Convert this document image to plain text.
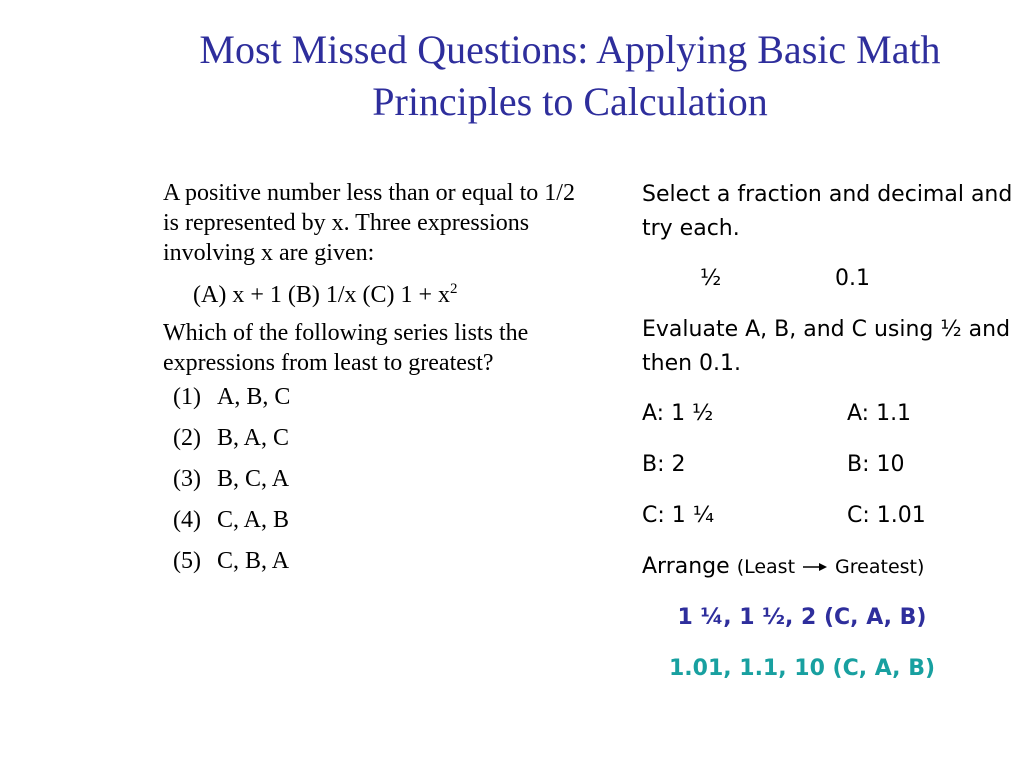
Most Missed Questions: Applying Basic Math Principles to Calculation

A positive number less than or equal to 1/2 is represented by x. Three expressions involving x are given:

(A) x + 1 (B) 1/x (C) $1 + x^2$

Which of the following series lists the expressions from least to greatest?

(1) A, B, C
(2) B, A, C
(3) B, C, A
(4) C, A, B
(5) C, B, A

Select a fraction and decimal and try each.

½	0.1

Evaluate A, B, and C using ½ and then 0.1.

A: 1 ½	A: 1.1
B: 2	B: 10
C: 1 ¼	C: 1.01
Arrange (Least Greatest)
1 ¼, 1 ½, 2 (C, A, B)
1.01, 1.1, 10 (C, A, B)
